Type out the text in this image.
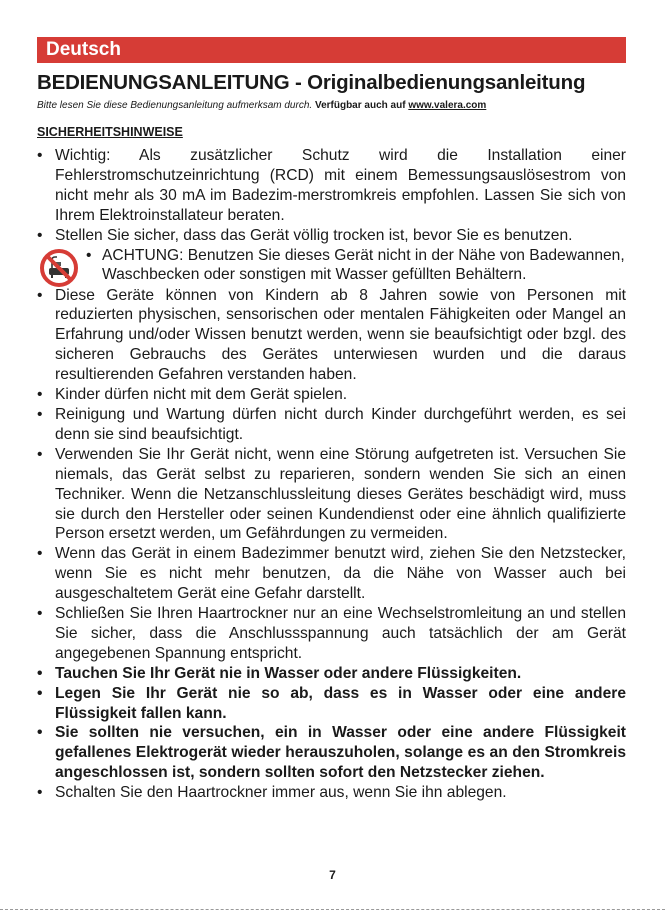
Deutsch
BEDIENUNGSANLEITUNG - Originalbedienungsanleitung
Bitte lesen Sie diese Bedienungsanleitung aufmerksam durch. Verfügbar auch auf www.valera.com
SICHERHEITSHINWEISE
• Wichtig: Als zusätzlicher Schutz wird die Installation einer Fehlerstromschutzeinrichtung (RCD) mit einem Bemessungsauslösestrom von nicht mehr als 30 mA im Badezim-merstromkreis empfohlen. Lassen Sie sich von Ihrem Elektroinstallateur beraten.
• Stellen Sie sicher, dass das Gerät völlig trocken ist, bevor Sie es benutzen.
• ACHTUNG: Benutzen Sie dieses Gerät nicht in der Nähe von Badewannen, Waschbecken oder sonstigen mit Wasser gefüllten Behältern.
• Diese Geräte können von Kindern ab 8 Jahren sowie von Personen mit reduzierten physischen, sensorischen oder mentalen Fähigkeiten oder Mangel an Erfahrung und/oder Wissen benutzt werden, wenn sie beaufsichtigt oder bzgl. des sicheren Gebrauchs des Gerätes unterwiesen wurden und die daraus resultierenden Gefahren verstanden haben.
• Kinder dürfen nicht mit dem Gerät spielen.
• Reinigung und Wartung dürfen nicht durch Kinder durchgeführt werden, es sei denn sie sind beaufsichtigt.
• Verwenden Sie Ihr Gerät nicht, wenn eine Störung aufgetreten ist. Versuchen Sie niemals, das Gerät selbst zu reparieren, sondern wenden Sie sich an einen Techniker. Wenn die Netzanschlussleitung dieses Gerätes beschädigt wird, muss sie durch den Hersteller oder seinen Kundendienst oder eine ähnlich qualifizierte Person ersetzt werden, um Gefährdungen zu vermeiden.
• Wenn das Gerät in einem Badezimmer benutzt wird, ziehen Sie den Netzstecker, wenn Sie es nicht mehr benutzen, da die Nähe von Wasser auch bei ausgeschaltetem Gerät eine Gefahr darstellt.
• Schließen Sie Ihren Haartrockner nur an eine Wechselstromleitung an und stellen Sie sicher, dass die Anschlussspannung auch tatsächlich der am Gerät angegebenen Spannung entspricht.
• Tauchen Sie Ihr Gerät nie in Wasser oder andere Flüssigkeiten.
• Legen Sie Ihr Gerät nie so ab, dass es in Wasser oder eine andere Flüssigkeit fallen kann.
• Sie sollten nie versuchen, ein in Wasser oder eine andere Flüssigkeit gefallenes Elektrogerät wieder herauszuholen, solange es an den Stromkreis angeschlossen ist, sondern sollten sofort den Netzstecker ziehen.
• Schalten Sie den Haartrockner immer aus, wenn Sie ihn ablegen.
7
